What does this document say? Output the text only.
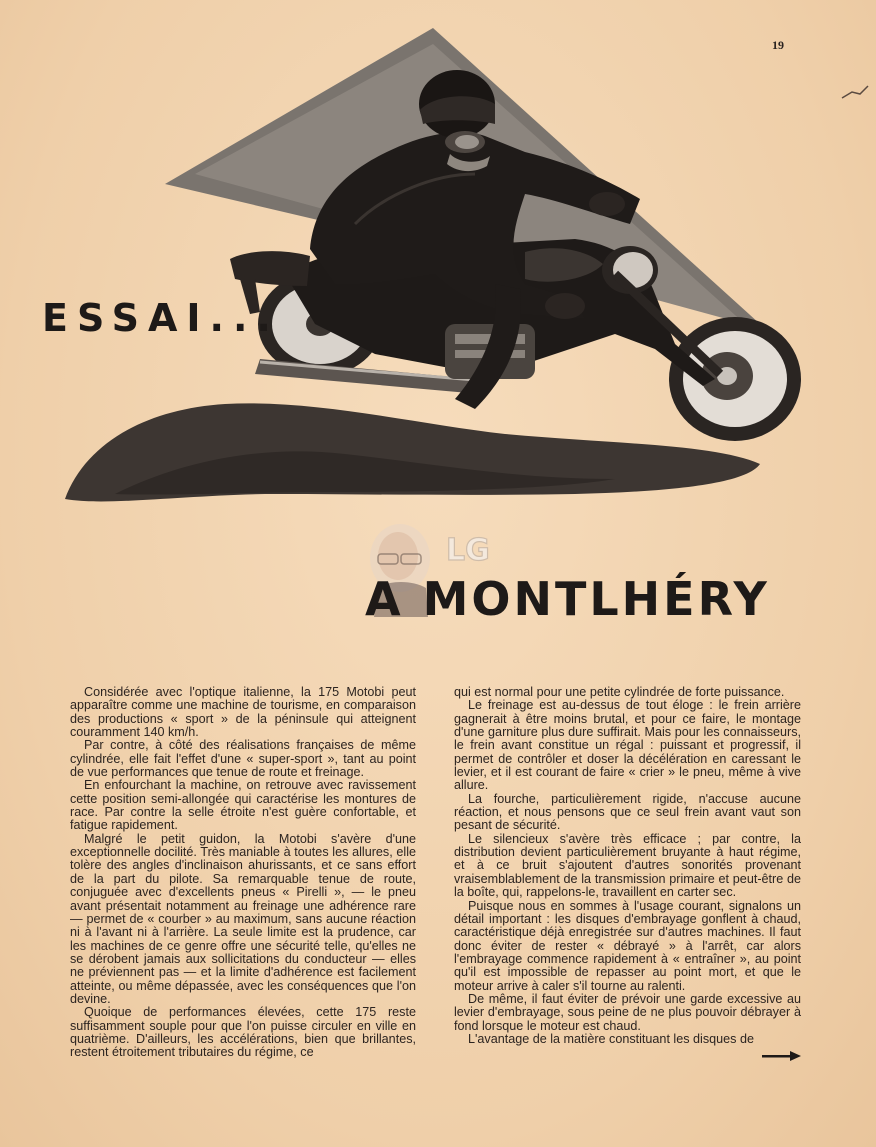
19
ESSAI...
LG
A MONTLHÉRY

Considérée avec l'optique italienne, la 175 Motobi peut apparaître comme une machine de tourisme, en comparaison des productions « sport » de la péninsule qui atteignent couramment 140 km/h.

Par contre, à côté des réalisations françaises de même cylindrée, elle fait l'effet d'une « super-sport », tant au point de vue performances que tenue de route et freinage.

En enfourchant la machine, on retrouve avec ravissement cette position semi-allongée qui caractérise les montures de race. Par contre la selle étroite n'est guère confortable, et fatigue rapidement.

Malgré le petit guidon, la Motobi s'avère d'une exceptionnelle docilité. Très maniable à toutes les allures, elle tolère des angles d'inclinaison ahurissants, et ce sans effort de la part du pilote. Sa remarquable tenue de route, conjuguée avec d'excellents pneus « Pirelli », — le pneu avant présentait notamment au freinage une adhérence rare — permet de « courber » au maximum, sans aucune réaction ni à l'avant ni à l'arrière. La seule limite est la prudence, car les machines de ce genre offre une sécurité telle, qu'elles ne se dérobent jamais aux sollicitations du conducteur — elles ne préviennent pas — et la limite d'adhérence est facilement atteinte, ou même dépassée, avec les conséquences que l'on devine.

Quoique de performances élevées, cette 175 reste suffisamment souple pour que l'on puisse circuler en ville en quatrième. D'ailleurs, les accélérations, bien que brillantes, restent étroitement tributaires du régime, ce

qui est normal pour une petite cylindrée de forte puissance.

Le freinage est au-dessus de tout éloge : le frein arrière gagnerait à être moins brutal, et pour ce faire, le montage d'une garniture plus dure suffirait. Mais pour les connaisseurs, le frein avant constitue un régal : puissant et progressif, il permet de contrôler et doser la décélération en caressant le levier, et il est courant de faire « crier » le pneu, même à vive allure.

La fourche, particulièrement rigide, n'accuse aucune réaction, et nous pensons que ce seul frein avant vaut son pesant de sécurité.

Le silencieux s'avère très efficace ; par contre, la distribution devient particulièrement bruyante à haut régime, et à ce bruit s'ajoutent d'autres sonorités provenant vraisemblablement de la transmission primaire et peut-être de la boîte, qui, rappelons-le, travaillent en carter sec.

Puisque nous en sommes à l'usage courant, signalons un détail important : les disques d'embrayage gonflent à chaud, caractéristique déjà enregistrée sur d'autres machines. Il faut donc éviter de rester « débrayé » à l'arrêt, car alors l'embrayage commence rapidement à « entraîner », au point qu'il est impossible de repasser au point mort, et que le moteur arrive à caler s'il tourne au ralenti.

De même, il faut éviter de prévoir une garde excessive au levier d'embrayage, sous peine de ne plus pouvoir débrayer à fond lorsque le moteur est chaud.

L'avantage de la matière constituant les disques de
